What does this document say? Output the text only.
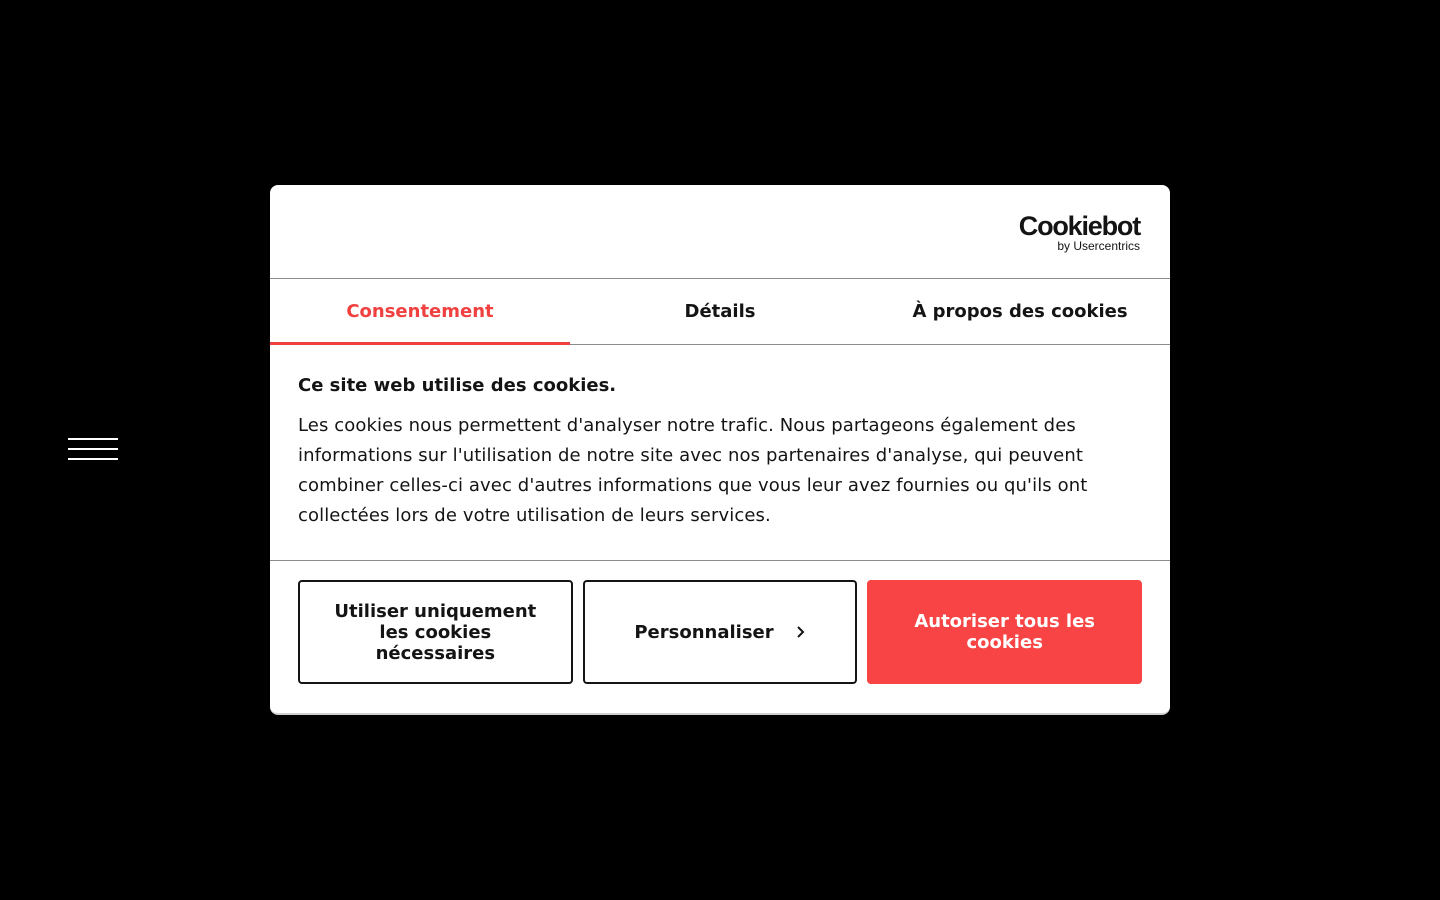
Cookiebot
by Usercentrics
Consentement	Détails	À propos des cookies
Ce site web utilise des cookies.

Les cookies nous permettent d'analyser notre trafic. Nous partageons également des informations sur l'utilisation de notre site avec nos partenaires d'analyse, qui peuvent combiner celles-ci avec d'autres informations que vous leur avez fournies ou qu'ils ont collectées lors de votre utilisation de leurs services.

Utiliser uniquement les cookies nécessaires
Personnaliser	Autoriser tous les cookies
